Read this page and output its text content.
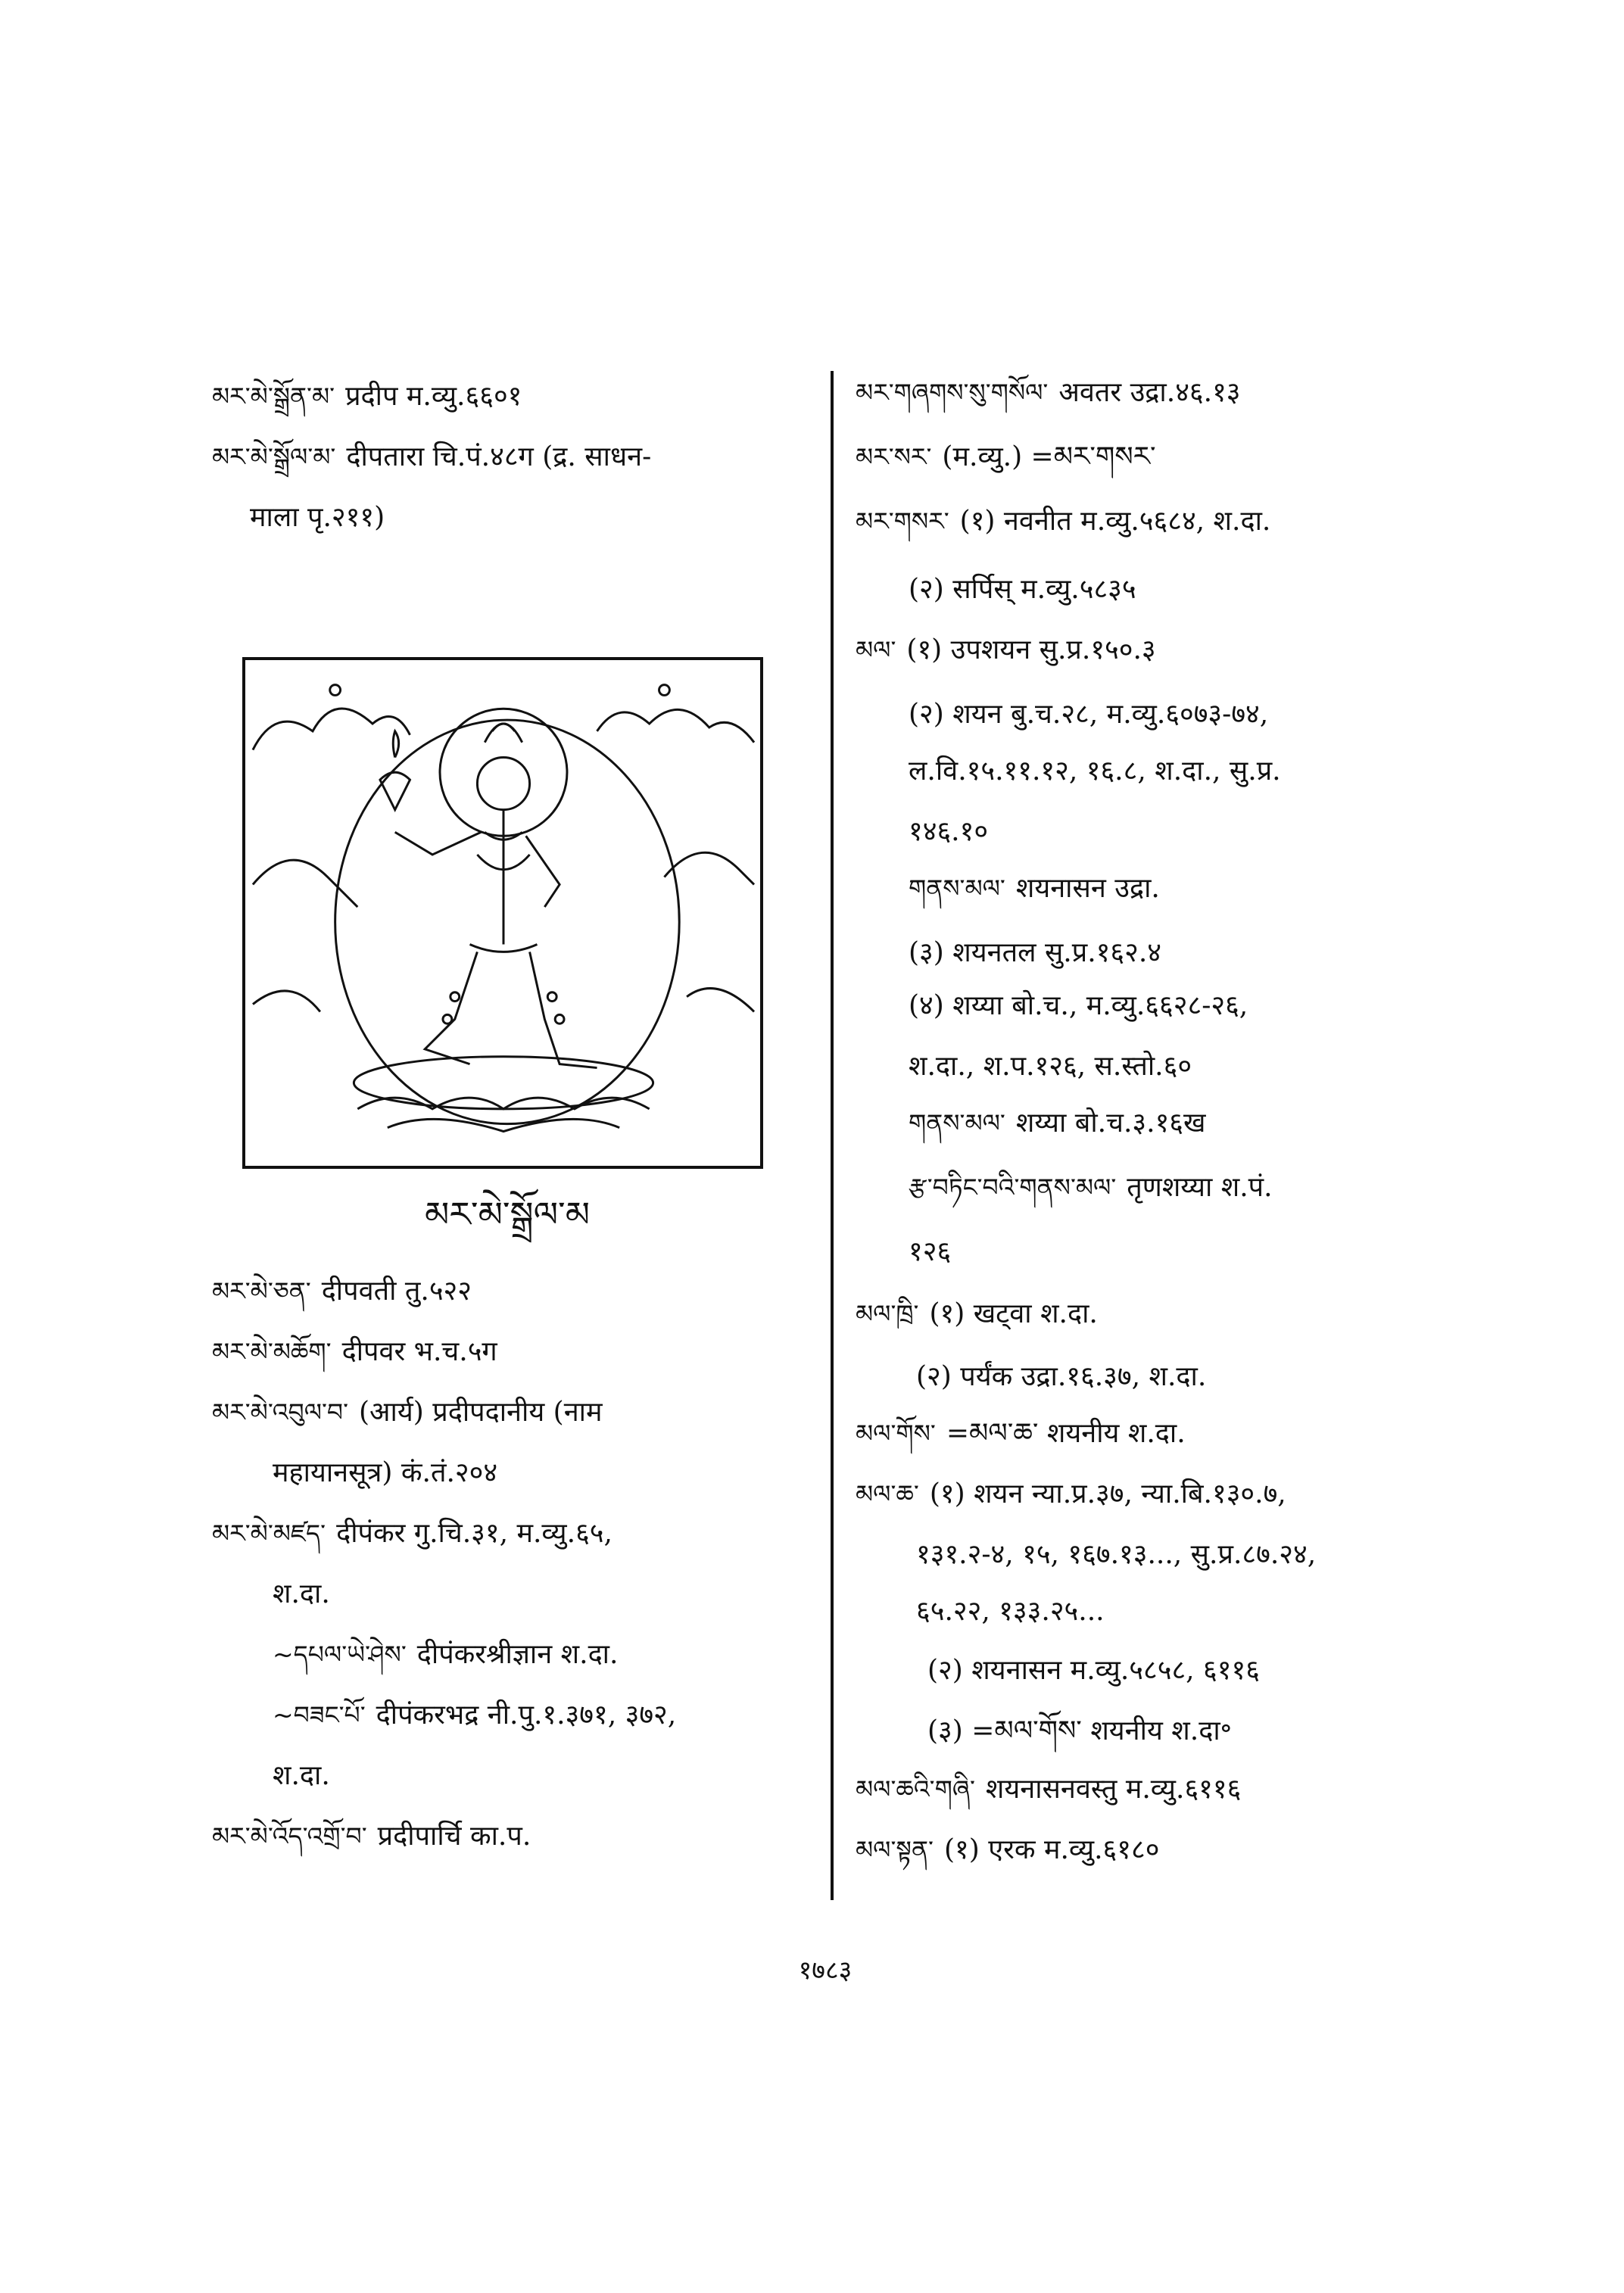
མར་མེ་སྒྲོན་མ་ प्रदीप म.व्यु.६६०१
མར་མེ་སྒྲོལ་མ་ दीपतारा चि.पं.४८ग (द्र. साधन-
माला पृ.२११)
མར་མེ་སྒྲོལ་མ
མར་མེ་ཅན་ दीपवती तु.५२२
མར་མེ་མཆོག་ दीपवर भ.च.५ग
མར་མེ་འབུལ་བ་ (आर्य) प्रदीपदानीय (नाम
महायानसूत्र) कं.तं.२०४
མར་མེ་མཛད་ दीपंकर गु.चि.३१, म.व्यु.६५,
श.दा.
~དཔལ་ཡེ་ཤེས་ दीपंकरश्रीज्ञान श.दा.
~བཟང་པོ་ दीपंकरभद्र नी.पु.१.३७१, ३७२,
श.दा.
མར་མེ་འོད་འགྲོ་བ་ प्रदीपार्चि का.प.
མར་གཞགས་སུ་གསོལ་ अवतर उद्रा.४६.१३
མར་སར་ (म.व्यु.) =མར་གསར་
མར་གསར་ (१) नवनीत म.व्यु.५६८४, श.दा.
(२) सर्पिस् म.व्यु.५८३५
མལ་ (१) उपशयन सु.प्र.१५०.३
(२) शयन बु.च.२८, म.व्यु.६०७३-७४,
ल.वि.१५.११.१२, १६.८, श.दा., सु.प्र.
१४६.१०
གནས་མལ་ शयनासन उद्रा.
(३) शयनतल सु.प्र.१६२.४
(४) शय्या बो.च., म.व्यु.६६२८-२६,
श.दा., श.प.१२६, स.स्तो.६०
གནས་མལ་ शय्या बो.च.३.१६ख
རྩ་བཏིང་བའི་གནས་མལ་ तृणशय्या श.पं.
१२६
མལ་ཁྲི་ (१) खट्वा श.दा.
(२) पर्यंक उद्रा.१६.३७, श.दा.
མལ་གོས་ =མལ་ཆ་ शयनीय श.दा.
མལ་ཆ་ (१) शयन न्या.प्र.३७, न्या.बि.१३०.७,
१३१.२-४, १५, १६७.१३..., सु.प्र.८७.२४,
६५.२२, १३३.२५...
(२) शयनासन म.व्यु.५८५८, ६११६
(३) =མལ་གོས་ शयनीय श.दा॰
མལ་ཆའི་གཞི་ शयनासनवस्तु म.व्यु.६११६
མལ་སྟན་ (१) एरक म.व्यु.६१८०
१७८३
